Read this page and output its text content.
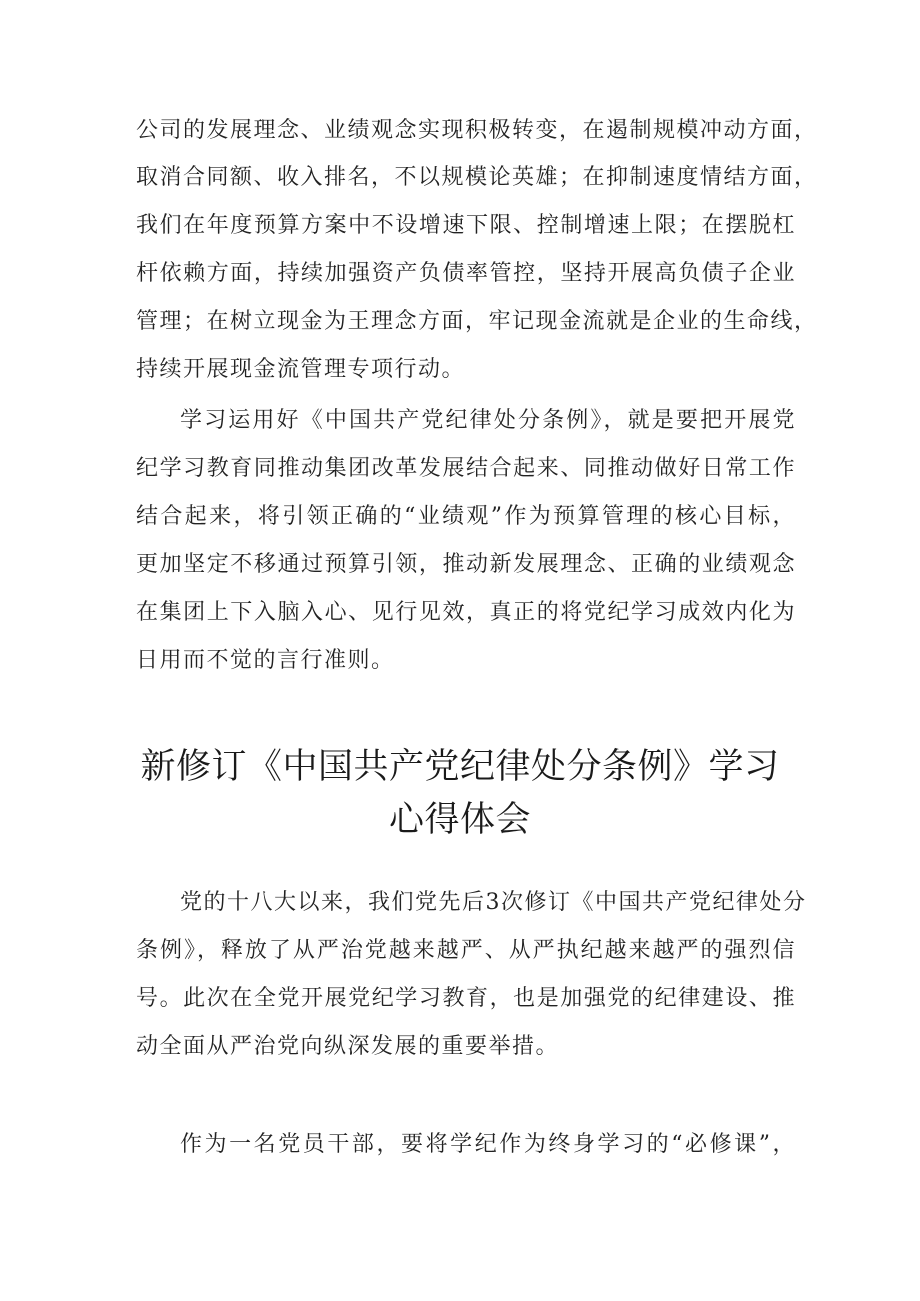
公司的发展理念、业绩观念实现积极转变，在遏制规模冲动方面，
取消合同额、收入排名，不以规模论英雄；在抑制速度情结方面，
我们在年度预算方案中不设增速下限、控制增速上限；在摆脱杠
杆依赖方面，持续加强资产负债率管控，坚持开展高负债子企业
管理；在树立现金为王理念方面，牢记现金流就是企业的生命线，
持续开展现金流管理专项行动。
学习运用好《中国共产党纪律处分条例》，就是要把开展党
纪学习教育同推动集团改革发展结合起来、同推动做好日常工作
结合起来，将引领正确的“业绩观”作为预算管理的核心目标，
更加坚定不移通过预算引领，推动新发展理念、正确的业绩观念
在集团上下入脑入心、见行见效，真正的将党纪学习成效内化为
日用而不觉的言行准则。
新修订《中国共产党纪律处分条例》学习
心得体会
党的十八大以来，我们党先后3次修订《中国共产党纪律处分
条例》，释放了从严治党越来越严、从严执纪越来越严的强烈信
号。此次在全党开展党纪学习教育，也是加强党的纪律建设、推
动全面从严治党向纵深发展的重要举措。
作为一名党员干部，要将学纪作为终身学习的“必修课”，
